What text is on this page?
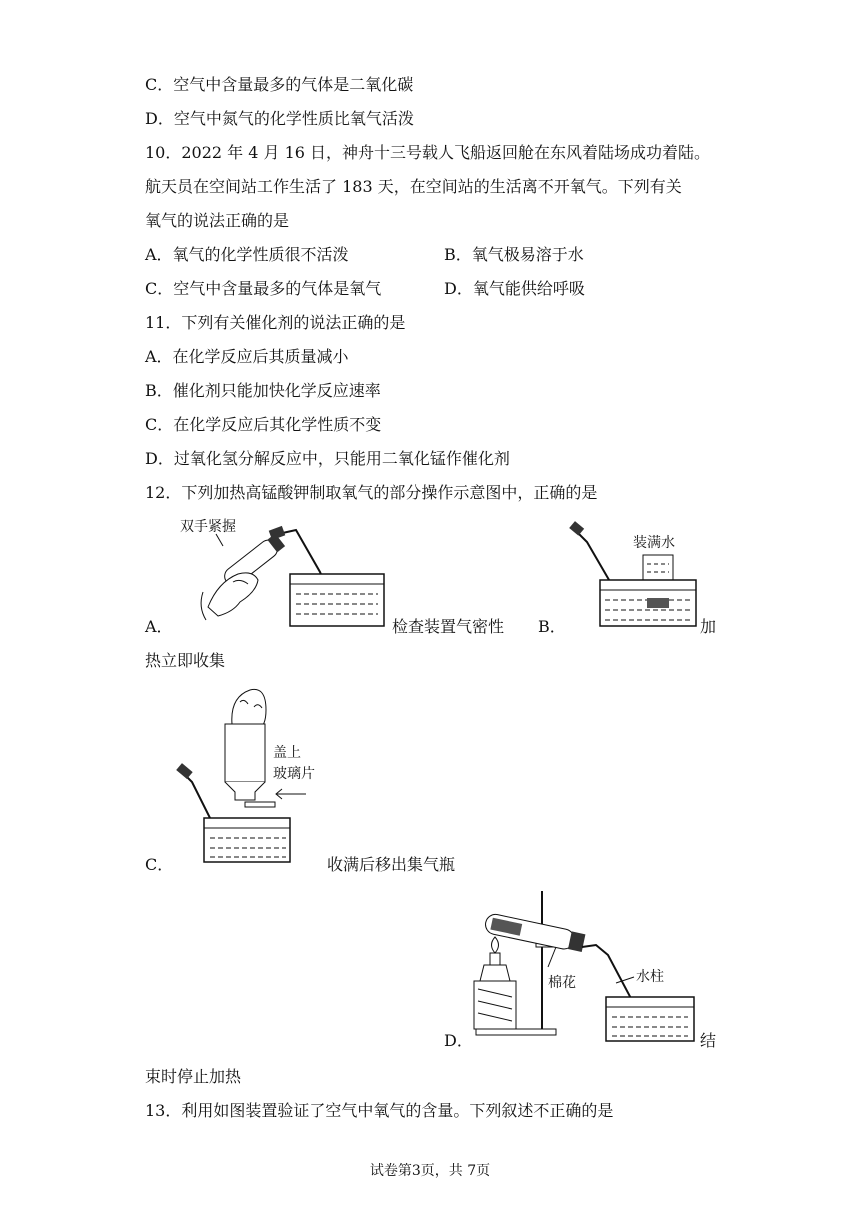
C．空气中含量最多的气体是二氧化碳
D．空气中氮气的化学性质比氧气活泼
10．2022 年 4 月 16 日，神舟十三号载人飞船返回舱在东风着陆场成功着陆。
航天员在空间站工作生活了 183 天，在空间站的生活离不开氧气。下列有关
氧气的说法正确的是
A．氧气的化学性质很不活泼	B．氧气极易溶于水
C．空气中含量最多的气体是氧气	D．氧气能供给呼吸
11．下列有关催化剂的说法正确的是
A．在化学反应后其质量减小
B．催化剂只能加快化学反应速率
C．在化学反应后其化学性质不变
D．过氧化氢分解反应中，只能用二氧化锰作催化剂
12．下列加热高锰酸钾制取氧气的部分操作示意图中，正确的是
双手紧握
A．	检查装置气密性
装满水
B．	加
热立即收集
盖上
玻璃片
C．	收满后移出集气瓶
棉花	水柱
D．	结
束时停止加热
13．利用如图装置验证了空气中氧气的含量。下列叙述不正确的是
试卷第3页，共 7页
